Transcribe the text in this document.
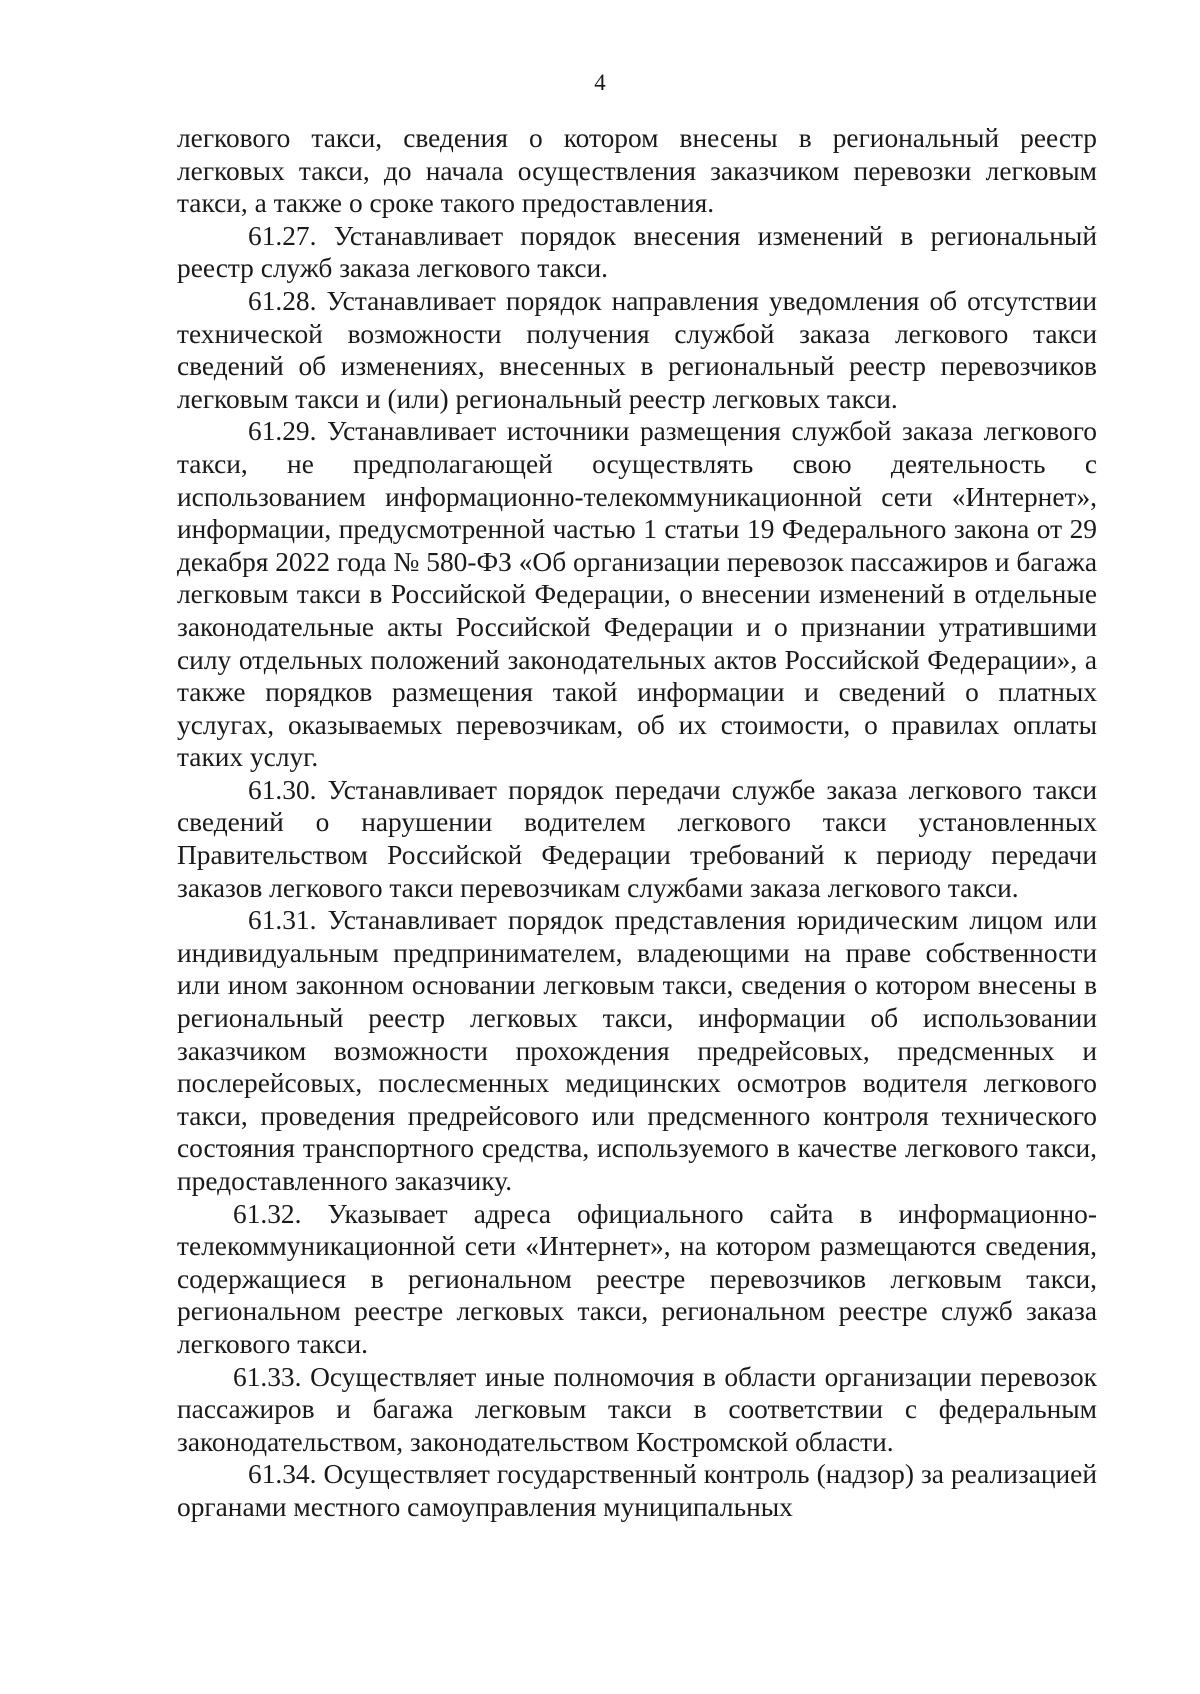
4

легкового такси, сведения о котором внесены в региональный реестр легковых такси, до начала осуществления заказчиком перевозки легковым такси, а также о сроке такого предоставления.

61.27. Устанавливает порядок внесения изменений в региональный реестр служб заказа легкового такси.

61.28. Устанавливает порядок направления уведомления об отсутствии технической возможности получения службой заказа легкового такси сведений об изменениях, внесенных в региональный реестр перевозчиков легковым такси и (или) региональный реестр легковых такси.

61.29. Устанавливает источники размещения службой заказа легкового такси, не предполагающей осуществлять свою деятельность с использованием информационно-телекоммуникационной сети «Интернет», информации, предусмотренной частью 1 статьи 19 Федерального закона от 29 декабря 2022 года № 580-ФЗ «Об организации перевозок пассажиров и багажа легковым такси в Российской Федерации, о внесении изменений в отдельные законодательные акты Российской Федерации и о признании утратившими силу отдельных положений законодательных актов Российской Федерации», а также порядков размещения такой информации и сведений о платных услугах, оказываемых перевозчикам, об их стоимости, о правилах оплаты таких услуг.

61.30. Устанавливает порядок передачи службе заказа легкового такси сведений о нарушении водителем легкового такси установленных Правительством Российской Федерации требований к периоду передачи заказов легкового такси перевозчикам службами заказа легкового такси.

61.31. Устанавливает порядок представления юридическим лицом или индивидуальным предпринимателем, владеющими на праве собственности или ином законном основании легковым такси, сведения о котором внесены в региональный реестр легковых такси, информации об использовании заказчиком возможности прохождения предрейсовых, предсменных и послерейсовых, послесменных медицинских осмотров водителя легкового такси, проведения предрейсового или предсменного контроля технического состояния транспортного средства, используемого в качестве легкового такси, предоставленного заказчику.

61.32. Указывает адреса официального сайта в информационно-телекоммуникационной сети «Интернет», на котором размещаются сведения, содержащиеся в региональном реестре перевозчиков легковым такси, региональном реестре легковых такси, региональном реестре служб заказа легкового такси.

61.33. Осуществляет иные полномочия в области организации перевозок пассажиров и багажа легковым такси в соответствии с федеральным законодательством, законодательством Костромской области.

61.34. Осуществляет государственный контроль (надзор) за реализацией органами местного самоуправления муниципальных
